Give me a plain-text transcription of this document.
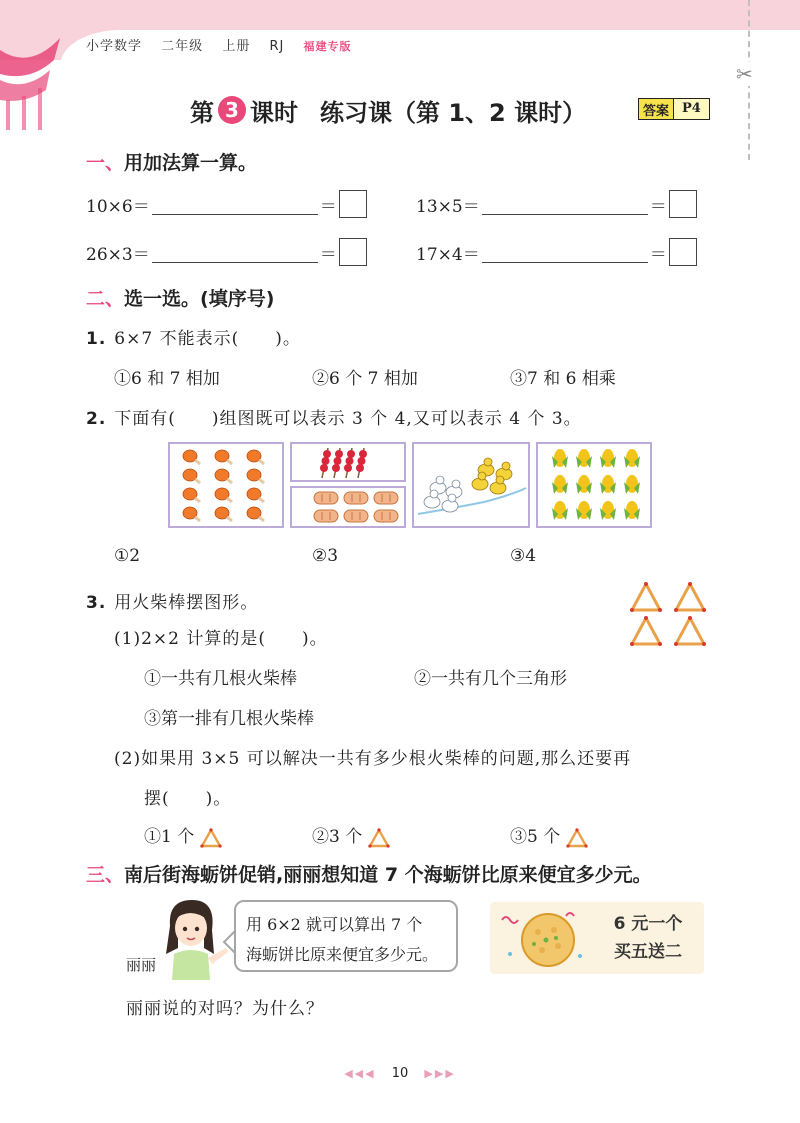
小学数学 二年级 上册 RJ 福建专版
✂
第 3 课时 练习课（第 1、2 课时）	答案	P4
一、用加法算一算。
10×6＝	＝	13×5＝	＝
26×3＝	＝	17×4＝	＝
二、选一选。(填序号)
1. 6×7 不能表示(　　)。
①6 和 7 相加	②6 个 7 相加	③7 和 6 相乘
2. 下面有(　　)组图既可以表示 3 个 4,又可以表示 4 个 3。
①2	②3	③4
3. 用火柴棒摆图形。
(1)2×2 计算的是(　　)。
①一共有几根火柴棒	②一共有几个三角形
③第一排有几根火柴棒
(2)如果用 3×5 可以解决一共有多少根火柴棒的问题,那么还要再
摆(　　)。
①1 个	②3 个	③5 个
三、南后街海蛎饼促销,丽丽想知道 7 个海蛎饼比原来便宜多少元。
丽丽
用 6×2 就可以算出 7 个
海蛎饼比原来便宜多少元。
6 元一个
买五送二
丽丽说的对吗？为什么？
◀◀◀ 10 ▶▶▶
